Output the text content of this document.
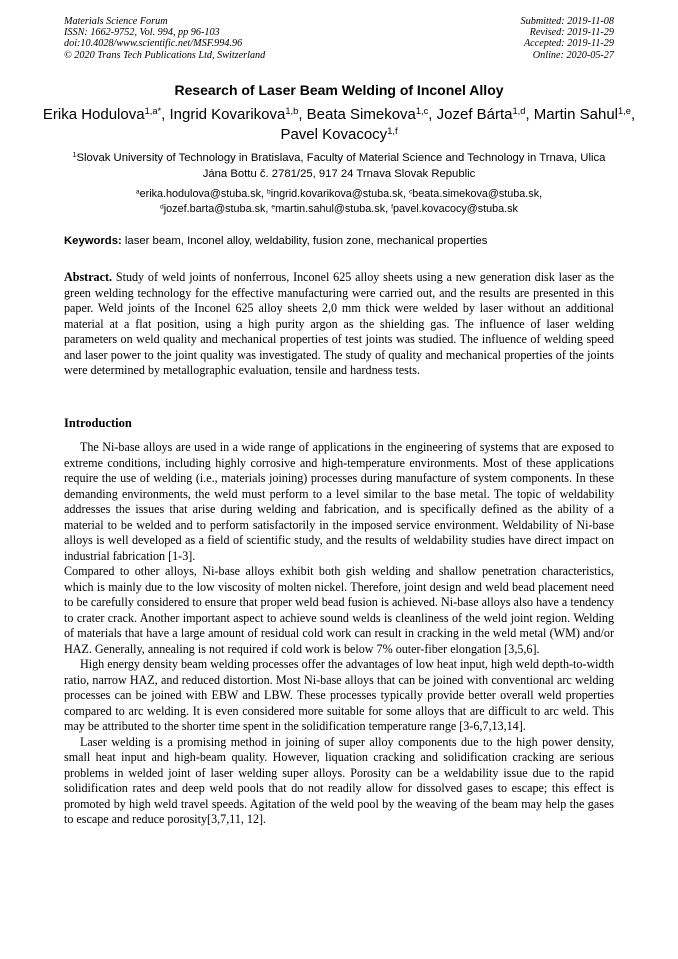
Materials Science Forum
ISSN: 1662-9752, Vol. 994, pp 96-103
doi:10.4028/www.scientific.net/MSF.994.96
© 2020 Trans Tech Publications Ltd, Switzerland
Submitted: 2019-11-08
Revised: 2019-11-29
Accepted: 2019-11-29
Online: 2020-05-27
Research of Laser Beam Welding of Inconel Alloy
Erika Hodulova$^{1,a*}$, Ingrid Kovarikova$^{1,b}$, Beata Simekova$^{1,c}$, Jozef Bárta$^{1,d}$, Martin Sahul$^{1,e}$, Pavel Kovacocy$^{1,f}$
$^1$Slovak University of Technology in Bratislava, Faculty of Material Science and Technology in Trnava, Ulica Jána Bottu č. 2781/25, 917 24 Trnava Slovak Republic
$^a$erika.hodulova@stuba.sk, $^b$ingrid.kovarikova@stuba.sk, $^c$beata.simekova@stuba.sk,
$^d$jozef.barta@stuba.sk, $^e$martin.sahul@stuba.sk, $^f$pavel.kovacocy@stuba.sk
Keywords: laser beam, Inconel alloy, weldability, fusion zone, mechanical properties

Abstract. Study of weld joints of nonferrous, Inconel 625 alloy sheets using a new generation disk laser as the green welding technology for the effective manufacturing were carried out, and the results are presented in this paper. Weld joints of the Inconel 625 alloy sheets 2,0 mm thick were welded by laser without an additional material at a flat position, using a high purity argon as the shielding gas. The influence of laser welding parameters on weld quality and mechanical properties of test joints was studied. The influence of welding speed and laser power to the joint quality was investigated. The study of quality and mechanical properties of the joints were determined by metallographic evaluation, tensile and hardness tests.

Introduction

The Ni-base alloys are used in a wide range of applications in the engineering of systems that are exposed to extreme conditions, including highly corrosive and high-temperature environments. Most of these applications require the use of welding (i.e., materials joining) processes during manufacture of system components. In these demanding environments, the weld must perform to a level similar to the base metal. The topic of weldability addresses the issues that arise during welding and fabrication, and is specifically defined as the ability of a material to be welded and to perform satisfactorily in the imposed service environment. Weldability of Ni-base alloys is well developed as a field of scientific study, and the results of weldability studies have direct impact on industrial fabrication [1-3].

Compared to other alloys, Ni-base alloys exhibit both gish welding and shallow penetration characteristics, which is mainly due to the low viscosity of molten nickel. Therefore, joint design and weld bead placement need to be carefully considered to ensure that proper weld bead fusion is achieved. Ni-base alloys also have a tendency to crater crack. Another important aspect to achieve sound welds is cleanliness of the weld joint region. Welding of materials that have a large amount of residual cold work can result in cracking in the weld metal (WM) and/or HAZ. Generally, annealing is not required if cold work is below 7% outer-fiber elongation [3,5,6].

High energy density beam welding processes offer the advantages of low heat input, high weld depth-to-width ratio, narrow HAZ, and reduced distortion. Most Ni-base alloys that can be joined with conventional arc welding processes can be joined with EBW and LBW. These processes typically provide better overall weld properties compared to arc welding. It is even considered more suitable for some alloys that are difficult to arc weld. This may be attributed to the shorter time spent in the solidification temperature range [3-6,7,13,14].

Laser welding is a promising method in joining of super alloy components due to the high power density, small heat input and high-beam quality. However, liquation cracking and solidification cracking are serious problems in welded joint of laser welding super alloys. Porosity can be a weldability issue due to the rapid solidification rates and deep weld pools that do not readily allow for dissolved gases to escape; this effect is promoted by high weld travel speeds. Agitation of the weld pool by the weaving of the beam may help the gases to escape and reduce porosity[3,7,11, 12].
